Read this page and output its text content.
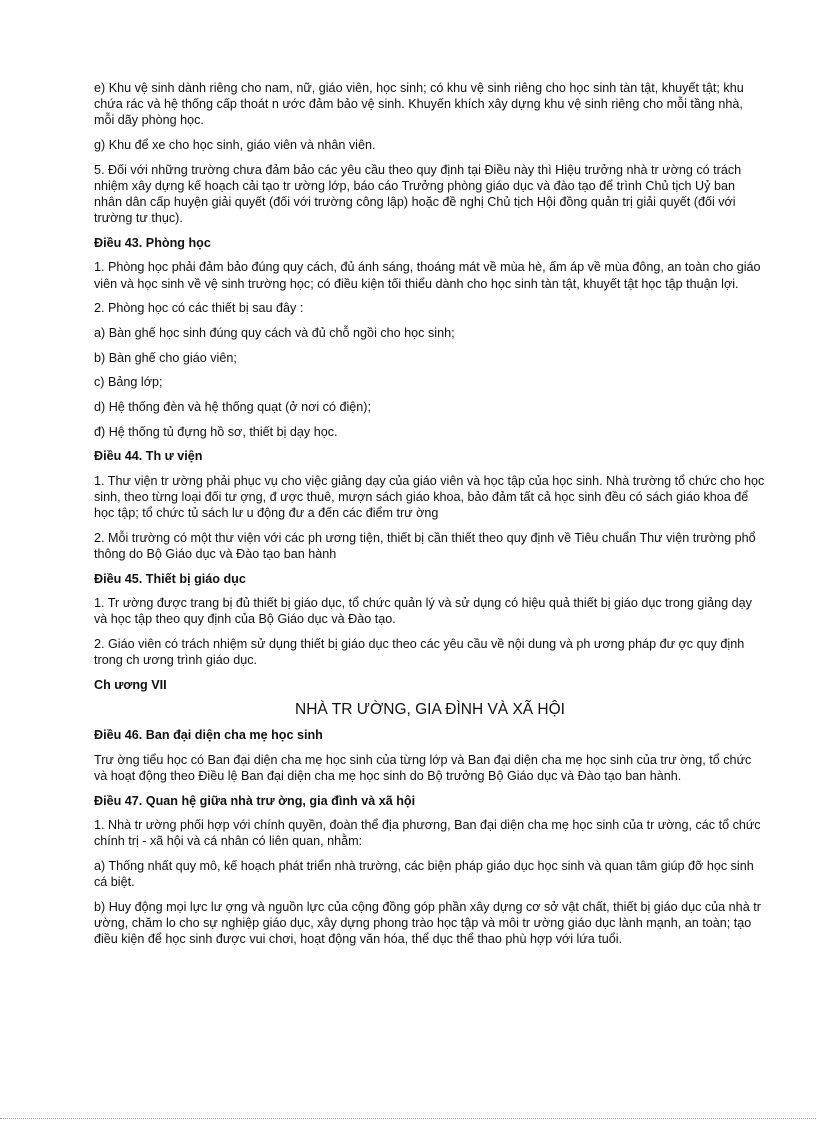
e) Khu vệ sinh dành riêng cho nam, nữ, giáo viên, học sinh; có khu vệ sinh riêng cho học sinh tàn tật, khuyết tật; khu chứa rác và hệ thống cấp thoát n ước đảm bảo vệ sinh. Khuyến khích xây dựng khu vệ sinh riêng cho mỗi tầng nhà, mỗi dãy phòng học.

g) Khu để xe cho học sinh, giáo viên và nhân viên.

5. Đối với những trường chưa đảm bảo các yêu cầu theo quy định tại Điều này thì Hiệu trưởng nhà tr ường có trách nhiệm xây dựng kế hoạch cải tạo tr ường lớp, báo cáo Trưởng phòng giáo dục và đào tạo để trình Chủ tịch Uỷ ban nhân dân cấp huyện giải quyết (đối với trường công lập) hoặc đề nghị Chủ tịch Hội đồng quản trị giải quyết (đối với trường tư thục).

Điều 43. Phòng học

1. Phòng học phải đảm bảo đúng quy cách, đủ ánh sáng, thoáng mát về mùa hè, ấm áp về mùa đông, an toàn cho giáo viên và học sinh về vệ sinh trường học; có điều kiện tối thiểu dành cho học sinh tàn tật, khuyết tật học tập thuận lợi.

2. Phòng học có các thiết bị sau đây :

a) Bàn ghế học sinh đúng quy cách và đủ chỗ ngồi cho học sinh;

b) Bàn ghế cho giáo viên;

c) Bảng lớp;

d) Hệ thống đèn và hệ thống quạt (ở nơi có điện);

đ) Hệ thống tủ đựng hồ sơ, thiết bị dạy học.

Điều 44. Th ư viện

1. Thư viện tr ường phải phục vụ cho việc giảng dạy của giáo viên và học tập của học sinh. Nhà trường tổ chức cho học sinh, theo từng loại đối tư ợng, đ ược thuê, mượn sách giáo khoa, bảo đảm tất cả học sinh đều có sách giáo khoa để học tập; tổ chức tủ sách lư u động đư a đến các điểm trư ờng

2. Mỗi trường có một thư viện với các ph ương tiện, thiết bị cần thiết theo quy định về Tiêu chuẩn Thư viện trường phổ thông do Bộ Giáo dục và Đào tạo ban hành

Điều 45. Thiết bị giáo dục

1. Tr ường được trang bị đủ thiết bị giáo dục, tổ chức quản lý và sử dụng có hiệu quả thiết bị giáo dục trong giảng dạy và học tập theo quy định của Bộ Giáo dục và Đào tạo.

2. Giáo viên có trách nhiệm sử dụng thiết bị giáo dục theo các yêu cầu về nội dung và ph ương pháp đư ợc quy định trong ch ương trình giáo dục.

Ch ương VII

NHÀ TR ƯỜNG, GIA ĐÌNH VÀ XÃ HỘI
Điều 46. Ban đại diện cha mẹ học sinh

Trư ờng tiểu học có Ban đại diện cha mẹ học sinh của từng lớp và Ban đại diện cha mẹ học sinh của trư ờng, tổ chức và hoạt động theo Điều lệ Ban đại diện cha mẹ học sinh do Bộ trưởng Bộ Giáo dục và Đào tạo ban hành.

Điều 47. Quan hệ giữa nhà trư ờng, gia đình và xã hội

1. Nhà tr ường phối hợp với chính quyền, đoàn thể địa phương, Ban đại diện cha mẹ học sinh của tr ường, các tổ chức chính trị - xã hội và cá nhân có liên quan, nhằm:

a) Thống nhất quy mô, kế hoạch phát triển nhà trường, các biện pháp giáo dục học sinh và quan tâm giúp đỡ học sinh cá biệt.

b) Huy động mọi lực lư ợng và nguồn lực của cộng đồng góp phần xây dựng cơ sở vật chất, thiết bị giáo dục của nhà tr ường, chăm lo cho sự nghiệp giáo dục, xây dựng phong trào học tập và môi tr ường giáo dục lành mạnh, an toàn; tạo điều kiện để học sinh được vui chơi, hoạt động văn hóa, thể dục thể thao phù hợp với lứa tuổi.
